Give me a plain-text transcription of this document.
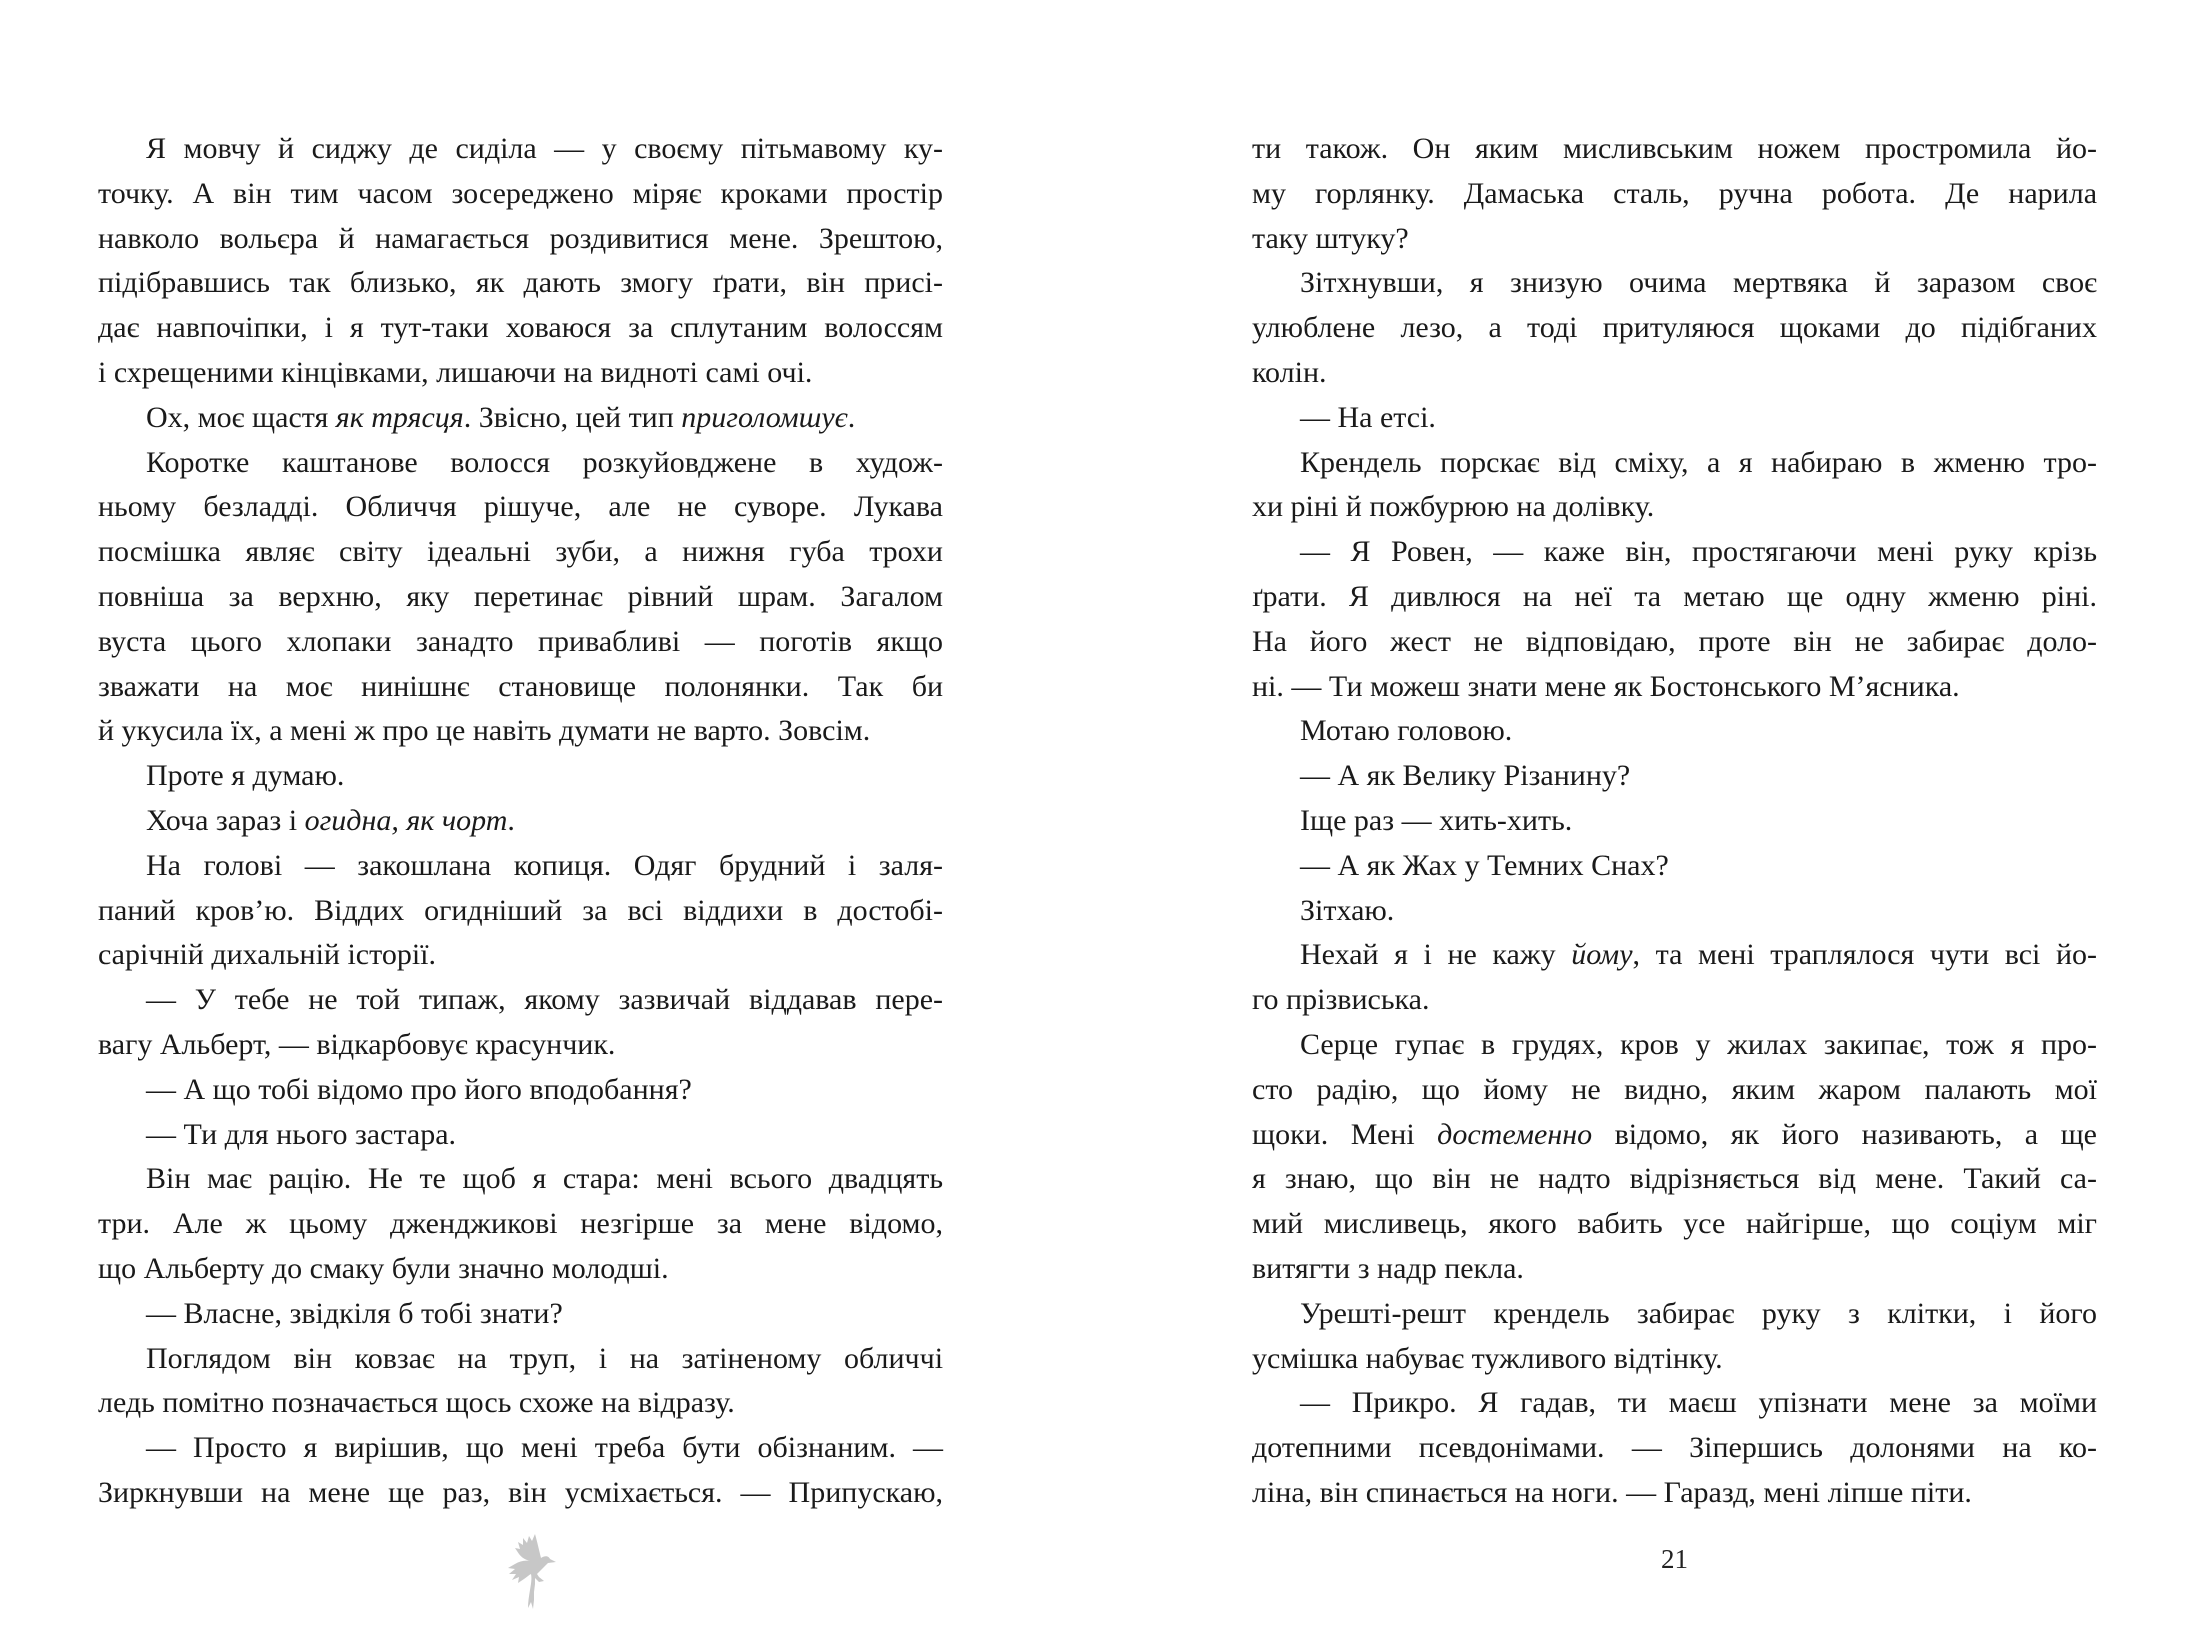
Я мовчу й сиджу де сиділа — у своєму пітьмавому ку-
точку. А він тим часом зосереджено міряє кроками простір
навколо вольєра й намагається роздивитися мене. Зрештою,
підібравшись так близько, як дають змогу ґрати, він присі-
дає навпочіпки, і я тут-таки ховаюся за сплутаним волоссям
і схрещеними кінцівками, лишаючи на видноті самі очі.
Ох, моє щастя як трясця. Звісно, цей тип приголомшує.
Коротке каштанове волосся розкуйовджене в худож-
ньому безладді. Обличчя рішуче, але не суворе. Лукава
посмішка являє світу ідеальні зуби, а нижня губа трохи
повніша за верхню, яку перетинає рівний шрам. Загалом
вуста цього хлопаки занадто привабливі — поготів якщо
зважати на моє нинішнє становище полонянки. Так би
й укусила їх, а мені ж про це навіть думати не варто. Зовсім.
Проте я думаю.
Хоча зараз і огидна, як чорт.
На голові — закошлана копиця. Одяг брудний і заля-
паний кров’ю. Віддих огидніший за всі віддихи в достобі-
сарічній дихальній історії.
— У тебе не той типаж, якому зазвичай віддавав пере-
вагу Альберт, — відкарбовує красунчик.
— А що тобі відомо про його вподобання?
— Ти для нього застара.
Він має рацію. Не те щоб я стара: мені всього двадцять
три. Але ж цьому дженджикові незгірше за мене відомо,
що Альберту до смаку були значно молодші.
— Власне, звідкіля б тобі знати?
Поглядом він ковзає на труп, і на затіненому обличчі
ледь помітно позначається щось схоже на відразу.
— Просто я вирішив, що мені треба бути обізнаним. —
Зиркнувши на мене ще раз, він усміхається. — Припускаю,
ти також. Он яким мисливським ножем простромила йо-
му горлянку. Дамаська сталь, ручна робота. Де нарила
таку штуку?
Зітхнувши, я знизую очима мертвяка й заразом своє
улюблене лезо, а тоді притуляюся щоками до підібганих
колін.
— На етсі.
Крендель порскає від сміху, а я набираю в жменю тро-
хи ріні й пожбурюю на долівку.
— Я Ровен, — каже він, простягаючи мені руку крізь
ґрати. Я дивлюся на неї та метаю ще одну жменю ріні.
На його жест не відповідаю, проте він не забирає доло-
ні. — Ти можеш знати мене як Бостонського М’ясника.
Мотаю головою.
— А як Велику Різанину?
Іще раз — хить-хить.
— А як Жах у Темних Снах?
Зітхаю.
Нехай я і не кажу йому, та мені траплялося чути всі йо-
го прізвиська.
Серце гупає в грудях, кров у жилах закипає, тож я про-
сто радію, що йому не видно, яким жаром палають мої
щоки. Мені достеменно відомо, як його називають, а ще
я знаю, що він не надто відрізняється від мене. Такий са-
мий мисливець, якого вабить усе найгірше, що соціум міг
витягти з надр пекла.
Урешті-решт крендель забирає руку з клітки, і його
усмішка набуває тужливого відтінку.
— Прикро. Я гадав, ти маєш упізнати мене за моїми
дотепними псевдонімами. — Зіпершись долонями на ко-
ліна, він спинається на ноги. — Гаразд, мені ліпше піти.
21
